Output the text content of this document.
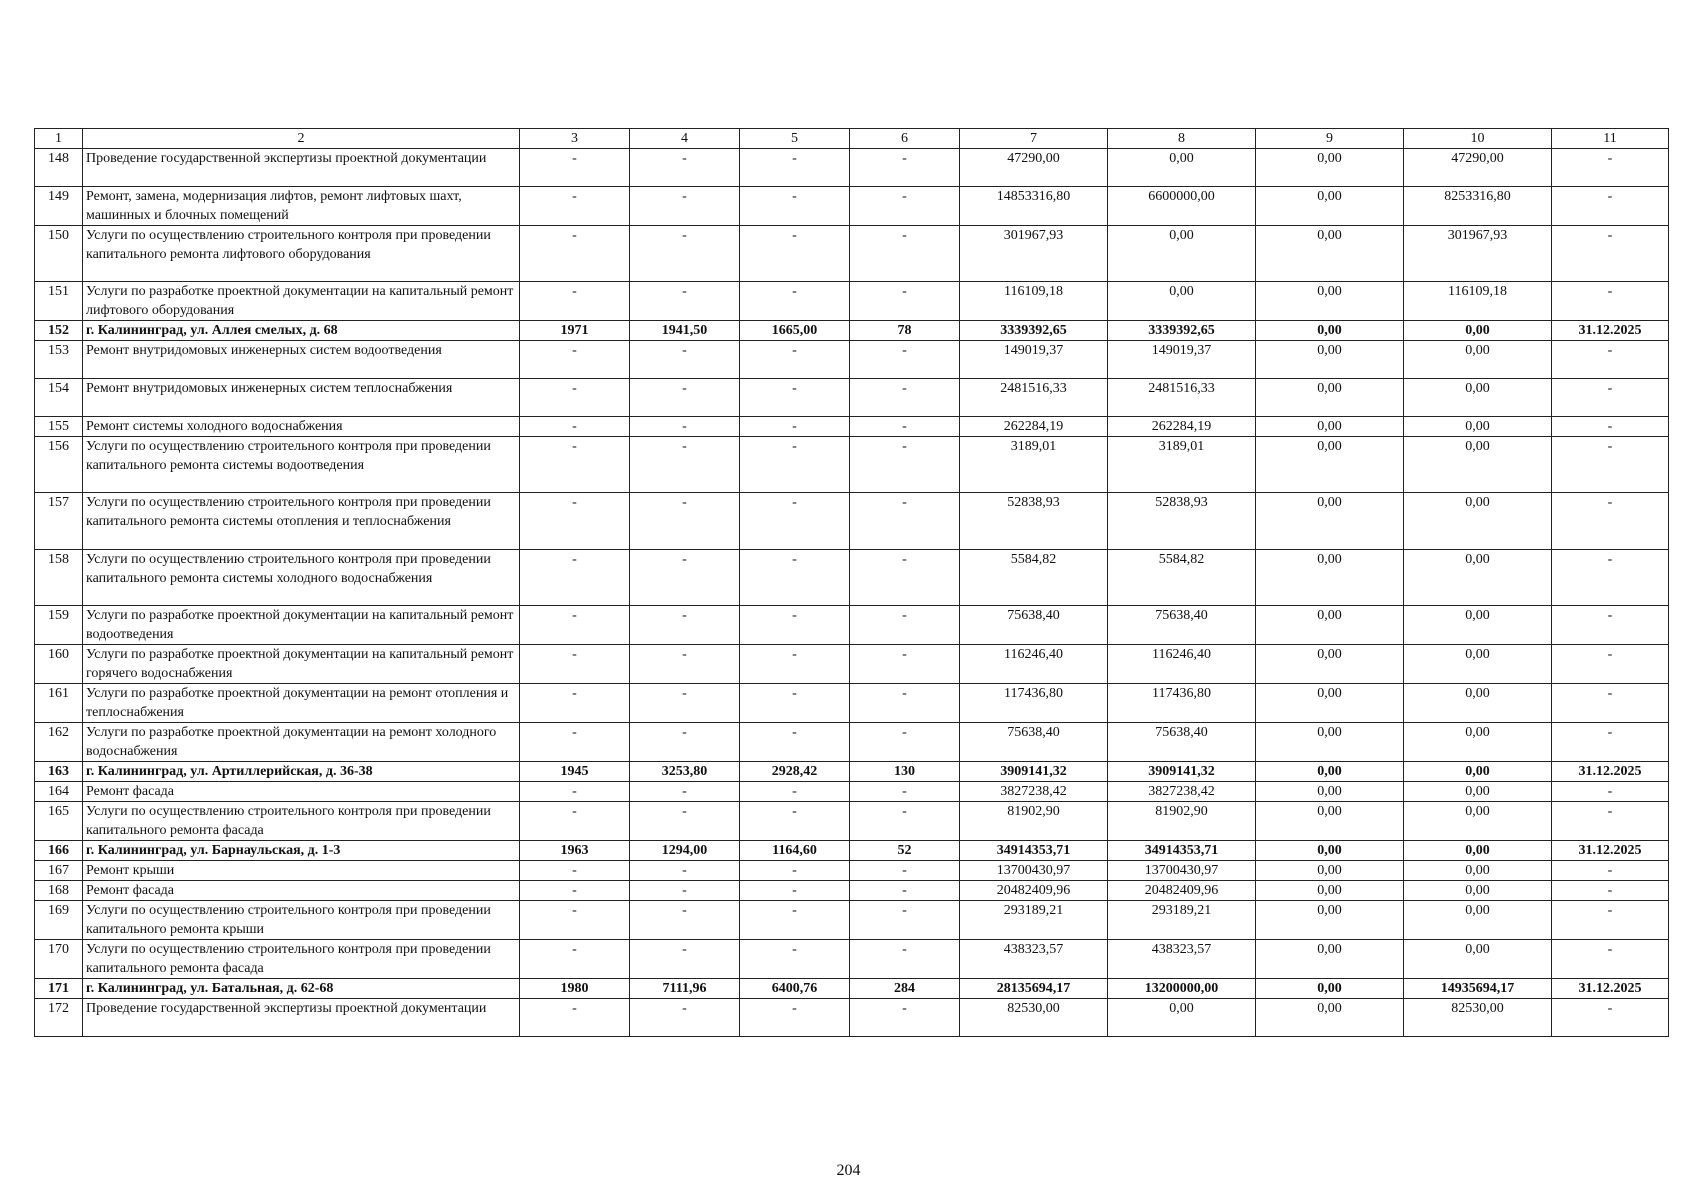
1	2	3	4	5	6	7	8	9	10	11
148	Проведение государственной экспертизы проектной документации	-	-	-	-	47290,00	0,00	0,00	47290,00	-
149	Ремонт, замена, модернизация лифтов, ремонт лифтовых шахт, машинных и блочных помещений	-	-	-	-	14853316,80	6600000,00	0,00	8253316,80	-
150	Услуги по осуществлению строительного контроля при проведении капитального ремонта лифтового оборудования	-	-	-	-	301967,93	0,00	0,00	301967,93	-
151	Услуги по разработке проектной документации на капитальный ремонт лифтового оборудования	-	-	-	-	116109,18	0,00	0,00	116109,18	-
152	г. Калининград, ул. Аллея смелых, д. 68	1971	1941,50	1665,00	78	3339392,65	3339392,65	0,00	0,00	31.12.2025
153	Ремонт внутридомовых инженерных систем водоотведения	-	-	-	-	149019,37	149019,37	0,00	0,00	-
154	Ремонт внутридомовых инженерных систем теплоснабжения	-	-	-	-	2481516,33	2481516,33	0,00	0,00	-
155	Ремонт системы холодного водоснабжения	-	-	-	-	262284,19	262284,19	0,00	0,00	-
156	Услуги по осуществлению строительного контроля при проведении капитального ремонта системы водоотведения	-	-	-	-	3189,01	3189,01	0,00	0,00	-
157	Услуги по осуществлению строительного контроля при проведении капитального ремонта системы отопления и теплоснабжения	-	-	-	-	52838,93	52838,93	0,00	0,00	-
158	Услуги по осуществлению строительного контроля при проведении капитального ремонта системы холодного водоснабжения	-	-	-	-	5584,82	5584,82	0,00	0,00	-
159	Услуги по разработке проектной документации на капитальный ремонт водоотведения	-	-	-	-	75638,40	75638,40	0,00	0,00	-
160	Услуги по разработке проектной документации на капитальный ремонт горячего водоснабжения	-	-	-	-	116246,40	116246,40	0,00	0,00	-
161	Услуги по разработке проектной документации на ремонт отопления и теплоснабжения	-	-	-	-	117436,80	117436,80	0,00	0,00	-
162	Услуги по разработке проектной документации на ремонт холодного водоснабжения	-	-	-	-	75638,40	75638,40	0,00	0,00	-
163	г. Калининград, ул. Артиллерийская, д. 36-38	1945	3253,80	2928,42	130	3909141,32	3909141,32	0,00	0,00	31.12.2025
164	Ремонт фасада	-	-	-	-	3827238,42	3827238,42	0,00	0,00	-
165	Услуги по осуществлению строительного контроля при проведении капитального ремонта фасада	-	-	-	-	81902,90	81902,90	0,00	0,00	-
166	г. Калининград, ул. Барнаульская, д. 1-3	1963	1294,00	1164,60	52	34914353,71	34914353,71	0,00	0,00	31.12.2025
167	Ремонт крыши	-	-	-	-	13700430,97	13700430,97	0,00	0,00	-
168	Ремонт фасада	-	-	-	-	20482409,96	20482409,96	0,00	0,00	-
169	Услуги по осуществлению строительного контроля при проведении капитального ремонта крыши	-	-	-	-	293189,21	293189,21	0,00	0,00	-
170	Услуги по осуществлению строительного контроля при проведении капитального ремонта фасада	-	-	-	-	438323,57	438323,57	0,00	0,00	-
171	г. Калининград, ул. Батальная, д. 62-68	1980	7111,96	6400,76	284	28135694,17	13200000,00	0,00	14935694,17	31.12.2025
172	Проведение государственной экспертизы проектной документации	-	-	-	-	82530,00	0,00	0,00	82530,00	-
204
